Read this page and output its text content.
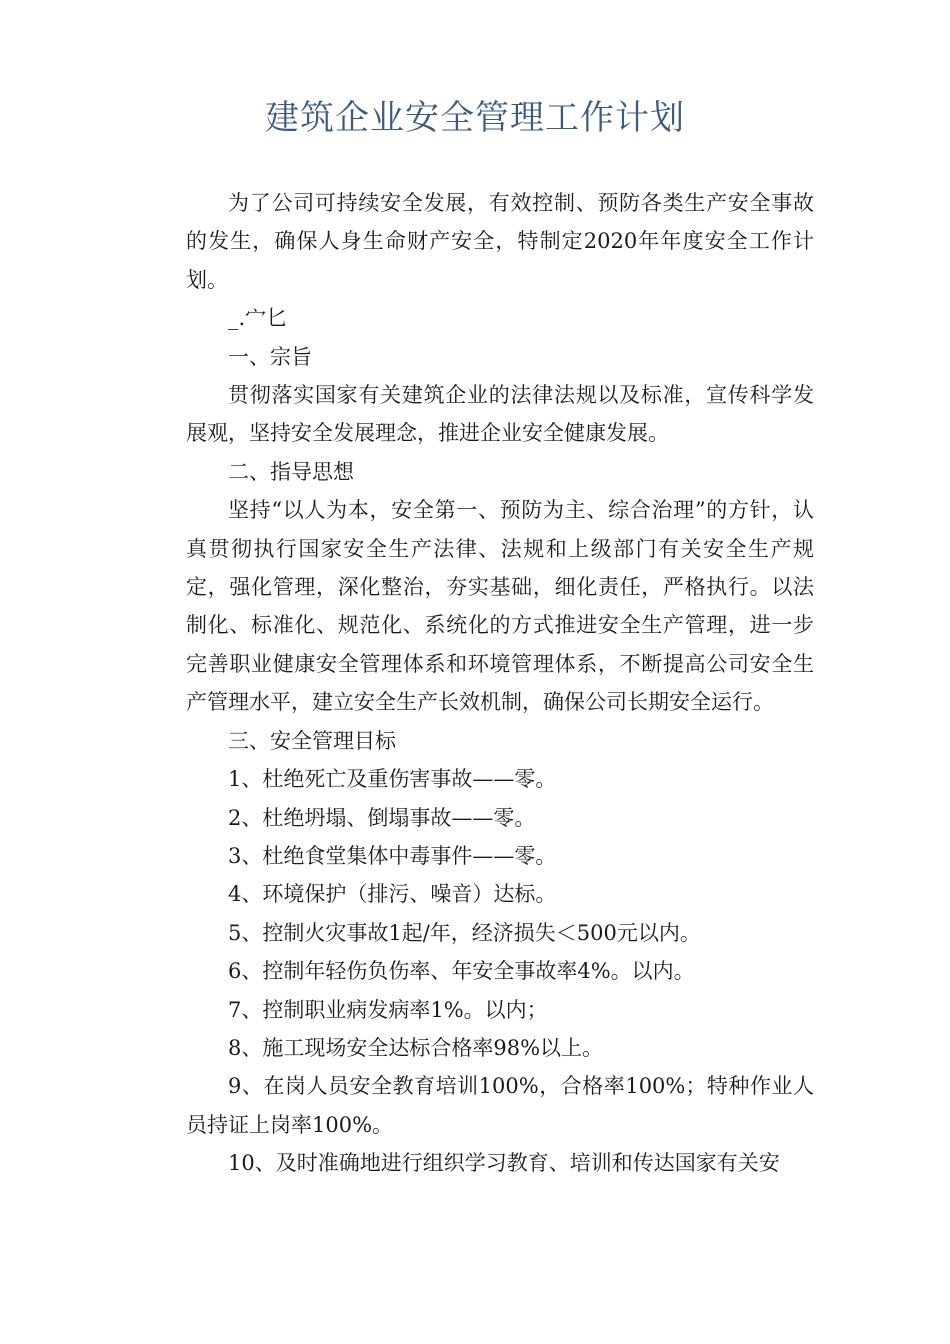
建筑企业安全管理工作计划

为了公司可持续安全发展，有效控制、预防各类生产安全事故的发生，确保人身生命财产安全，特制定2020年年度安全工作计划。

_.宀匕

一、宗旨

贯彻落实国家有关建筑企业的法律法规以及标准，宣传科学发展观，坚持安全发展理念，推进企业安全健康发展。

二、指导思想

坚持“以人为本，安全第一、预防为主、综合治理”的方针，认真贯彻执行国家安全生产法律、法规和上级部门有关安全生产规定，强化管理，深化整治，夯实基础，细化责任，严格执行。以法制化、标准化、规范化、系统化的方式推进安全生产管理，进一步完善职业健康安全管理体系和环境管理体系，不断提高公司安全生产管理水平，建立安全生产长效机制，确保公司长期安全运行。

三、安全管理目标

1、杜绝死亡及重伤害事故——零。

2、杜绝坍塌、倒塌事故——零。

3、杜绝食堂集体中毒事件——零。

4、环境保护（排污、噪音）达标。

5、控制火灾事故1起/年，经济损失＜500元以内。

6、控制年轻伤负伤率、年安全事故率4%。以内。

7、控制职业病发病率1%。以内；

8、施工现场安全达标合格率98%以上。

9、在岗人员安全教育培训100%，合格率100%；特种作业人员持证上岗率100%。

10、及时准确地进行组织学习教育、培训和传达国家有关安
